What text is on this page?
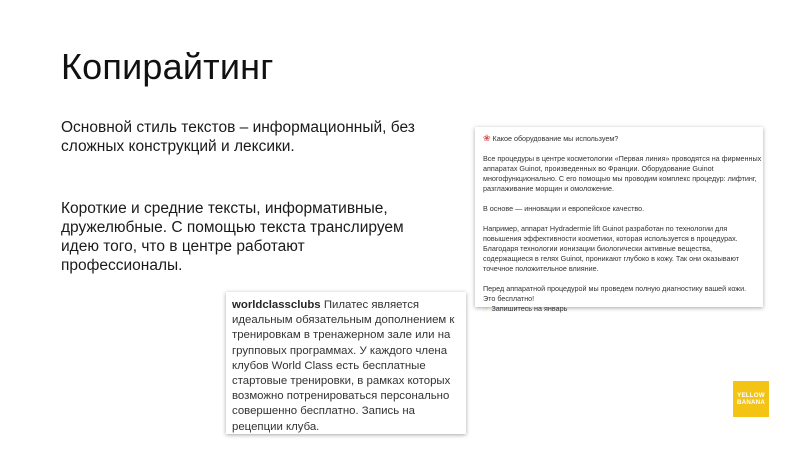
Копирайтинг
Основной стиль текстов – информационный, без сложных конструкций и лексики.
Короткие и средние тексты, информативные, дружелюбные. С помощью текста транслируем идею того, что в центре работают профессионалы.
❀ Какое оборудование мы используем?
Все процедуры в центре косметологии «Первая линия» проводятся на фирменных
аппаратах Guinot, произведенных во Франции. Оборудование Guinot
многофункционально. С его помощью мы проводим комплекс процедур: лифтинг,
разглаживание морщин и омоложение.
В основе — инновации и европейское качество.
Например, аппарат Hydradermie lift Guinot разработан по технологии для
повышения эффективности косметики, которая используется в процедурах.
Благодаря технологии ионизации биологически активные вещества,
содержащиеся в гелях Guinot, проникают глубоко в кожу. Так они оказывают
точечное положительное влияние.
Перед аппаратной процедурой мы проведем полную диагностику вашей кожи.
Это бесплатно!
☞ Запишитесь на январь
worldclassclubs Пилатес является идеальным обязательным дополнением к тренировкам в тренажерном зале или на групповых программах. У каждого члена клубов World Class есть бесплатные стартовые тренировки, в рамках которых возможно потренироваться персонально совершенно бесплатно. Запись на рецепции клуба.
YELLOW
BANANA
